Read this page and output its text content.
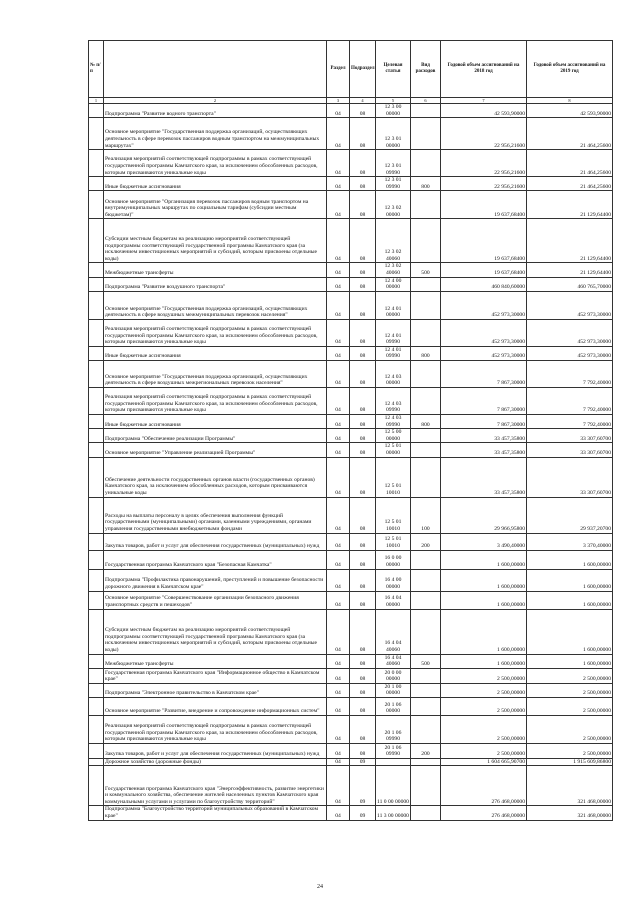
№ п/п		Раздел	Подраздел	Целевая статья	Вид расходов	Годовой объем ассигнований на 2018 год	Годовой объем ассигнований на 2019 год
1	2	3	4	5	6	7	8
	Подпрограмма "Развитие водного транспорта"	04	08	12 3 00 00000		42 593,90000	42 593,90000
	Основное мероприятие "Государственная поддержка организаций, осуществляющих деятельность в сфере перевозок пассажиров водным транспортом на межмуниципальных маршрутах"	04	08	12 3 01 00000		22 956,21600	21 464,25600
	Реализация мероприятий соответствующей подпрограммы в рамках соответствующей государственной программы Камчатского края, за исключением обособленных расходов, которым присваиваются уникальные коды	04	08	12 3 01 09990		22 956,21600	21 464,25600
	Иные бюджетные ассигнования	04	08	12 3 01 09990	800	22 956,21600	21 464,25600
	Основное мероприятие "Организация перевозок пассажиров водным транспортом на внутримуниципальных маршрутах по социальным тарифам (субсидии местным бюджетам)"	04	08	12 3 02 00000		19 637,68400	21 129,64400
	Субсидии местным бюджетам на реализацию мероприятий соответствующей подпрограммы соответствующей государственной программы Камчатского края (за исключением инвестиционных мероприятий и субсидий, которым присвоены отдельные коды)	04	08	12 3 02 40060		19 637,68400	21 129,64400
	Межбюджетные трансферты	04	08	12 3 02 40060	500	19 637,68400	21 129,64400
	Подпрограмма "Развитие воздушного транспорта"	04	08	12 4 00 00000		460 840,60000	460 765,70000
	Основное мероприятие "Государственная поддержка организаций, осуществляющих деятельность в сфере воздушных межмуниципальных перевозок населения"	04	08	12 4 01 00000		452 973,30000	452 973,30000
	Реализация мероприятий соответствующей подпрограммы в рамках соответствующей государственной программы Камчатского края, за исключением обособленных расходов, которым присваиваются уникальные коды	04	08	12 4 01 09990		452 973,30000	452 973,30000
	Иные бюджетные ассигнования	04	08	12 4 01 09990	800	452 973,30000	452 973,30000
	Основное мероприятие "Государственная поддержка организаций, осуществляющих деятельность в сфере воздушных межрегиональных перевозок населения"	04	08	12 4 03 00000		7 867,30000	7 792,40000
	Реализация мероприятий соответствующей подпрограммы в рамках соответствующей государственной программы Камчатского края, за исключением обособленных расходов, которым присваиваются уникальные коды	04	08	12 4 03 09990		7 867,30000	7 792,40000
	Иные бюджетные ассигнования	04	08	12 4 03 09990	800	7 867,30000	7 792,40000
	Подпрограмма "Обеспечение реализации Программы"	04	08	12 5 00 00000		33 457,35800	33 307,60700
	Основное мероприятие "Управление реализацией Программы"	04	08	12 5 01 00000		33 457,35800	33 307,60700
	Обеспечение деятельности государственных органов власти (государственных органов) Камчатского края, за исключением обособленных расходов, которым присваиваются уникальные коды	04	08	12 5 01 10010		33 457,35800	33 307,60700
	Расходы на выплаты персоналу в целях обеспечения выполнения функций государственными (муниципальными) органами, казенными учреждениями, органами управления государственными внебюджетными фондами	04	08	12 5 01 10010	100	29 966,95800	29 937,20700
	Закупка товаров, работ и услуг для обеспечения государственных (муниципальных) нужд	04	08	12 5 01 10010	200	3 490,40000	3 370,40000
	Государственная программа Камчатского края "Безопасная Камчатка"	04	08	16 0 00 00000		1 600,00000	1 600,00000
	Подпрограмма "Профилактика правонарушений, преступлений и повышение безопасности дорожного движения в Камчатском крае"	04	08	16 4 00 00000		1 600,00000	1 600,00000
	Основное мероприятие "Совершенствование организации безопасного движения транспортных средств и пешеходов"	04	08	16 4 04 00000		1 600,00000	1 600,00000
	Субсидии местным бюджетам на реализацию мероприятий соответствующей подпрограммы соответствующей государственной программы Камчатского края (за исключением инвестиционных мероприятий и субсидий, которым присвоены отдельные коды)	04	08	16 4 04 40060		1 600,00000	1 600,00000
	Межбюджетные трансферты	04	08	16 4 04 40060	500	1 600,00000	1 600,00000
	Государственная программа Камчатского края "Информационное общество в Камчатском крае"	04	08	20 0 00 00000		2 500,00000	2 500,00000
	Подпрограмма "Электронное правительство в Камчатском крае"	04	08	20 1 00 00000		2 500,00000	2 500,00000
	Основное мероприятие "Развитие, внедрение и сопровождение информационных систем"	04	08	20 1 06 00000		2 500,00000	2 500,00000
	Реализация мероприятий соответствующей подпрограммы в рамках соответствующей государственной программы Камчатского края, за исключением обособленных расходов, которым присваиваются уникальные коды	04	08	20 1 06 09990		2 500,00000	2 500,00000
	Закупка товаров, работ и услуг для обеспечения государственных (муниципальных) нужд	04	08	20 1 06 09990	200	2 500,00000	2 500,00000
	Дорожное хозяйство (дорожные фонды)	04	09			1 604 665,90700	1 915 609,86800
	Государственная программа Камчатского края "Энергоэффективность, развитие энергетики и коммунального хозяйства, обеспечение жителей населенных пунктов Камчатского края коммунальными услугами и услугами по благоустройству территорий"	04	09	11 0 00 00000		276 468,00000	321 468,00000
	Подпрограмма "Благоустройство территорий муниципальных образований в Камчатском крае"	04	09	11 3 00 00000		276 468,00000	321 468,00000
24
